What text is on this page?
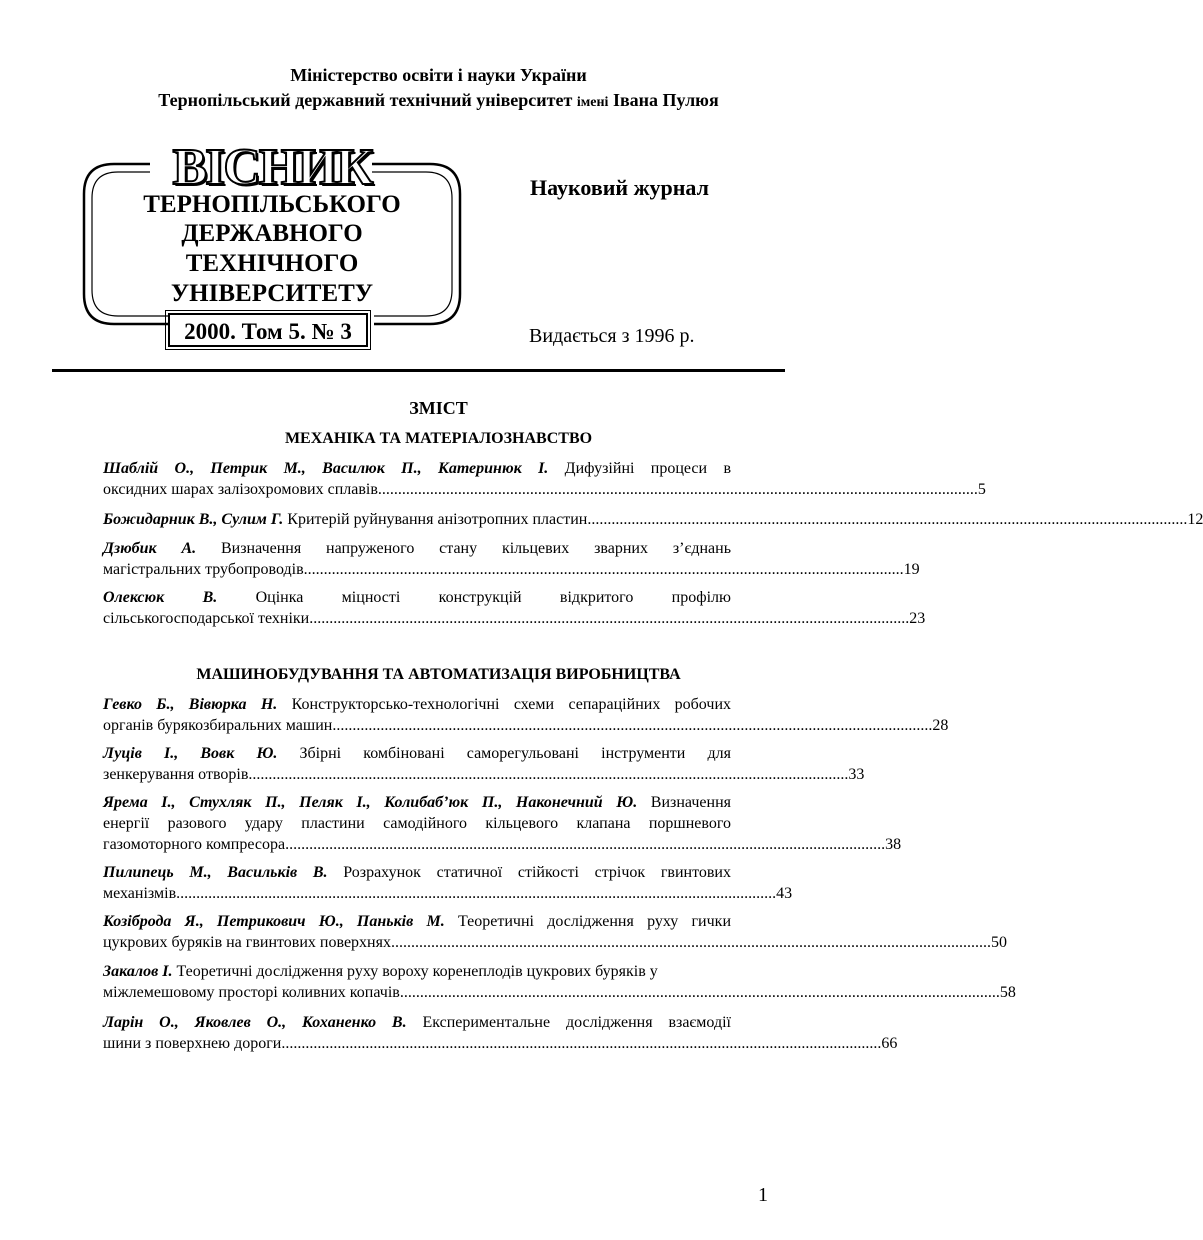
Міністерство освіти і науки України
Тернопільський державний технічний університет імені Івана Пулюя
ВІСНИК
ТЕРНОПІЛЬСЬКОГО
ДЕРЖАВНОГО
ТЕХНІЧНОГО
УНІВЕРСИТЕТУ
2000. Том 5. № 3
Науковий журнал
Видається з 1996 р.
ЗМІСТ
МЕХАНІКА ТА МАТЕРІАЛОЗНАВСТВО
Шаблій О., Петрик М., Василюк П., Катеринюк І. Дифузійні процеси в
оксидних шарах залізохромових сплавів ...................................................................................................................................................... 5
Божидарник В., Сулим Г. Критерій руйнування анізотропних пластин ...................................................................................................................................................... 12
Дзюбик А. Визначення напруженого стану кільцевих зварних з’єднань
магістральних трубопроводів ...................................................................................................................................................... 19
Олексюк В. Оцінка міцності конструкцій відкритого профілю
сільськогосподарської техніки ...................................................................................................................................................... 23
МАШИНОБУДУВАННЯ ТА АВТОМАТИЗАЦІЯ ВИРОБНИЦТВА
Гевко Б., Вівюрка Н. Конструкторсько-технологічні схеми сепараційних робочих
органів бурякозбиральних машин ...................................................................................................................................................... 28
Луців І., Вовк Ю. Збірні комбіновані саморегульовані інструменти для
зенкерування отворів ...................................................................................................................................................... 33
Ярема І., Стухляк П., Пеляк І., Колибаб’юк П., Наконечний Ю. Визначення
енергії разового удару пластини самодійного кільцевого клапана поршневого
газомоторного компресора ...................................................................................................................................................... 38
Пилипець М., Васильків В. Розрахунок статичної стійкості стрічок гвинтових
механізмів ...................................................................................................................................................... 43
Козіброда Я., Петрикович Ю., Паньків М. Теоретичні дослідження руху гички
цукрових буряків на гвинтових поверхнях ...................................................................................................................................................... 50
Закалов І. Теоретичні дослідження руху вороху коренеплодів цукрових буряків у
міжлемешовому просторі коливних копачів ...................................................................................................................................................... 58
Ларін О., Яковлев О., Коханенко В. Експериментальне дослідження взаємодії
шини з поверхнею дороги ...................................................................................................................................................... 66
1
